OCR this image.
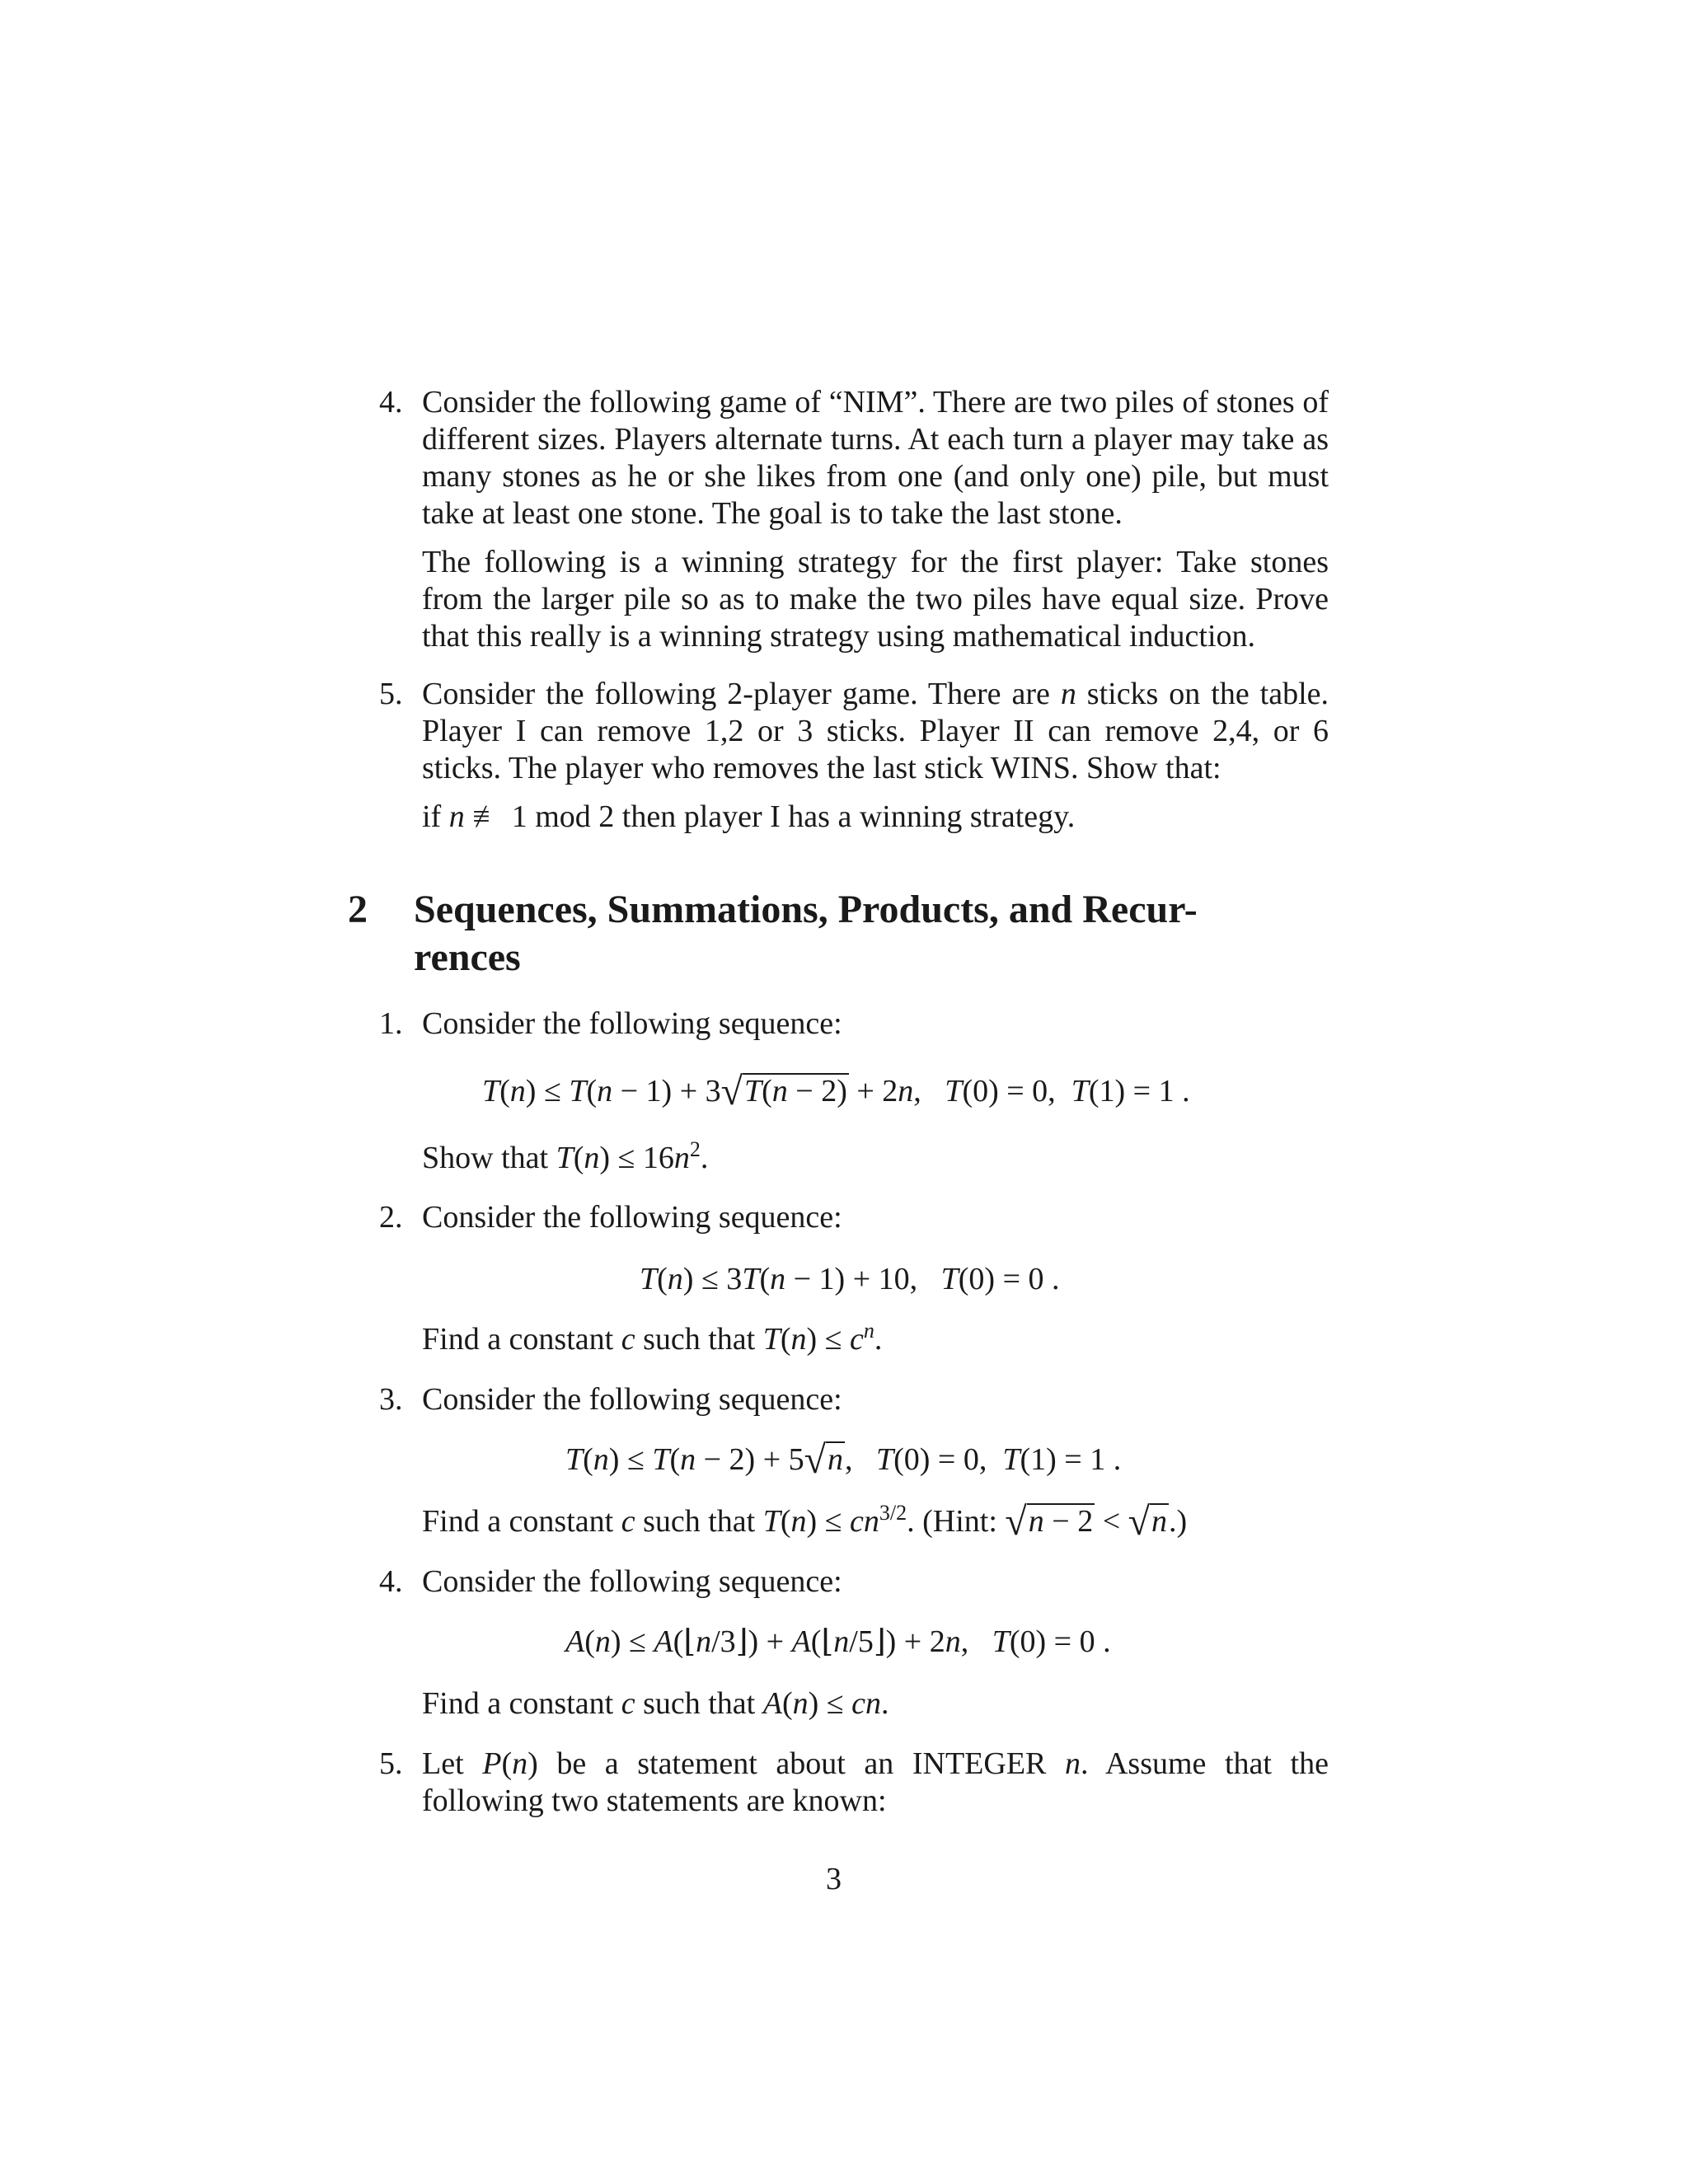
4. Consider the following game of “NIM”. There are two piles of stones of different sizes. Players alternate turns. At each turn a player may take as many stones as he or she likes from one (and only one) pile, but must take at least one stone. The goal is to take the last stone.

The following is a winning strategy for the first player: Take stones from the larger pile so as to make the two piles have equal size. Prove that this really is a winning strategy using mathematical induction.

5. Consider the following 2-player game. There are n sticks on the table. Player I can remove 1,2 or 3 sticks. Player II can remove 2,4, or 6 sticks. The player who removes the last stick WINS. Show that:

if n ≢ 1 mod 2 then player I has a winning strategy.

2 Sequences, Summations, Products, and Recur-
rences
1. Consider the following sequence:

T(n) ≤ T(n − 1) + 3√T(n − 2) + 2n,   T(0) = 0,  T(1) = 1 .

Show that $T(n) \le 16n^2$.

2. Consider the following sequence:

T(n) ≤ 3T(n − 1) + 10,   T(0) = 0 .

Find a constant c such that $T(n) \le c^n$.

3. Consider the following sequence:

T(n) ≤ T(n − 2) + 5√n,   T(0) = 0,  T(1) = 1 .

Find a constant c such that $T(n) \le cn^{3/2}$. (Hint: √n − 2 < √n.)

4. Consider the following sequence:

A(n) ≤ A(⌊n/3⌋) + A(⌊n/5⌋) + 2n,   T(0) = 0 .

Find a constant c such that A(n) ≤ cn.

5. Let P(n) be a statement about an INTEGER n. Assume that the following two statements are known:

3
